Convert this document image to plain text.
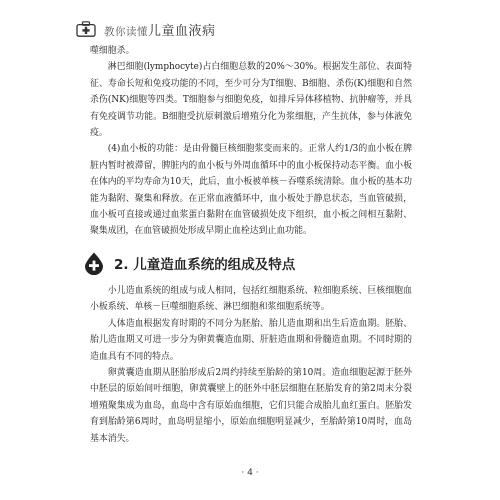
教你读懂儿童血液病

噬细胞杀。

淋巴细胞(lymphocyte)占白细胞总数的20%～30%。根据发生部位、表面特征、寿命长短和免疫功能的不同，至少可分为T细胞、B细胞、杀伤(K)细胞和自然杀伤(NK)细胞等四类。T细胞参与细胞免疫，如排斥异体移植物、抗肿瘤等，并具有免疫调节功能。B细胞受抗原刺激后增殖分化为浆细胞，产生抗体，参与体液免疫。

(4)血小板的功能：是由骨髓巨核细胞浆变而来的。正常人约1/3的血小板在脾脏内暂时被滞留，脾脏内的血小板与外周血循环中的血小板保持动态平衡。血小板在体内的平均寿命为10天，此后，血小板被单核－吞噬系统清除。血小板的基本功能为黏附、聚集和释放。在正常血液循环中，血小板处于静息状态，当血管破损，血小板可直接或通过血浆蛋白黏附在血管破损处皮下组织，血小板之间相互黏附、聚集成团，在血管破损处形成早期止血栓达到止血功能。

2. 儿童造血系统的组成及特点

小儿造血系统的组成与成人相同，包括红细胞系统、粒细胞系统、巨核细胞血小板系统、单核－巨噬细胞系统、淋巴细胞和浆细胞系统等。

人体造血根据发育时期的不同分为胚胎、胎儿造血期和出生后造血期。胚胎、胎儿造血期又可进一步分为卵黄囊造血期、肝脏造血期和骨髓造血期。不同时期的造血具有不同的特点。

卵黄囊造血期从胚胎形成后2周约持续至胎龄的第10周。造血细胞起源于胚外中胚层的原始间叶细胞，卵黄囊壁上的胚外中胚层细胞在胚胎发育的第2周末分裂增殖聚集成为血岛，血岛中含有原始血细胞，它们只能合成胎儿血红蛋白。胚胎发育到胎龄第6周时，血岛明显缩小，原始血细胞明显减少，至胎龄第10周时，血岛基本消失。

· 4 ·
